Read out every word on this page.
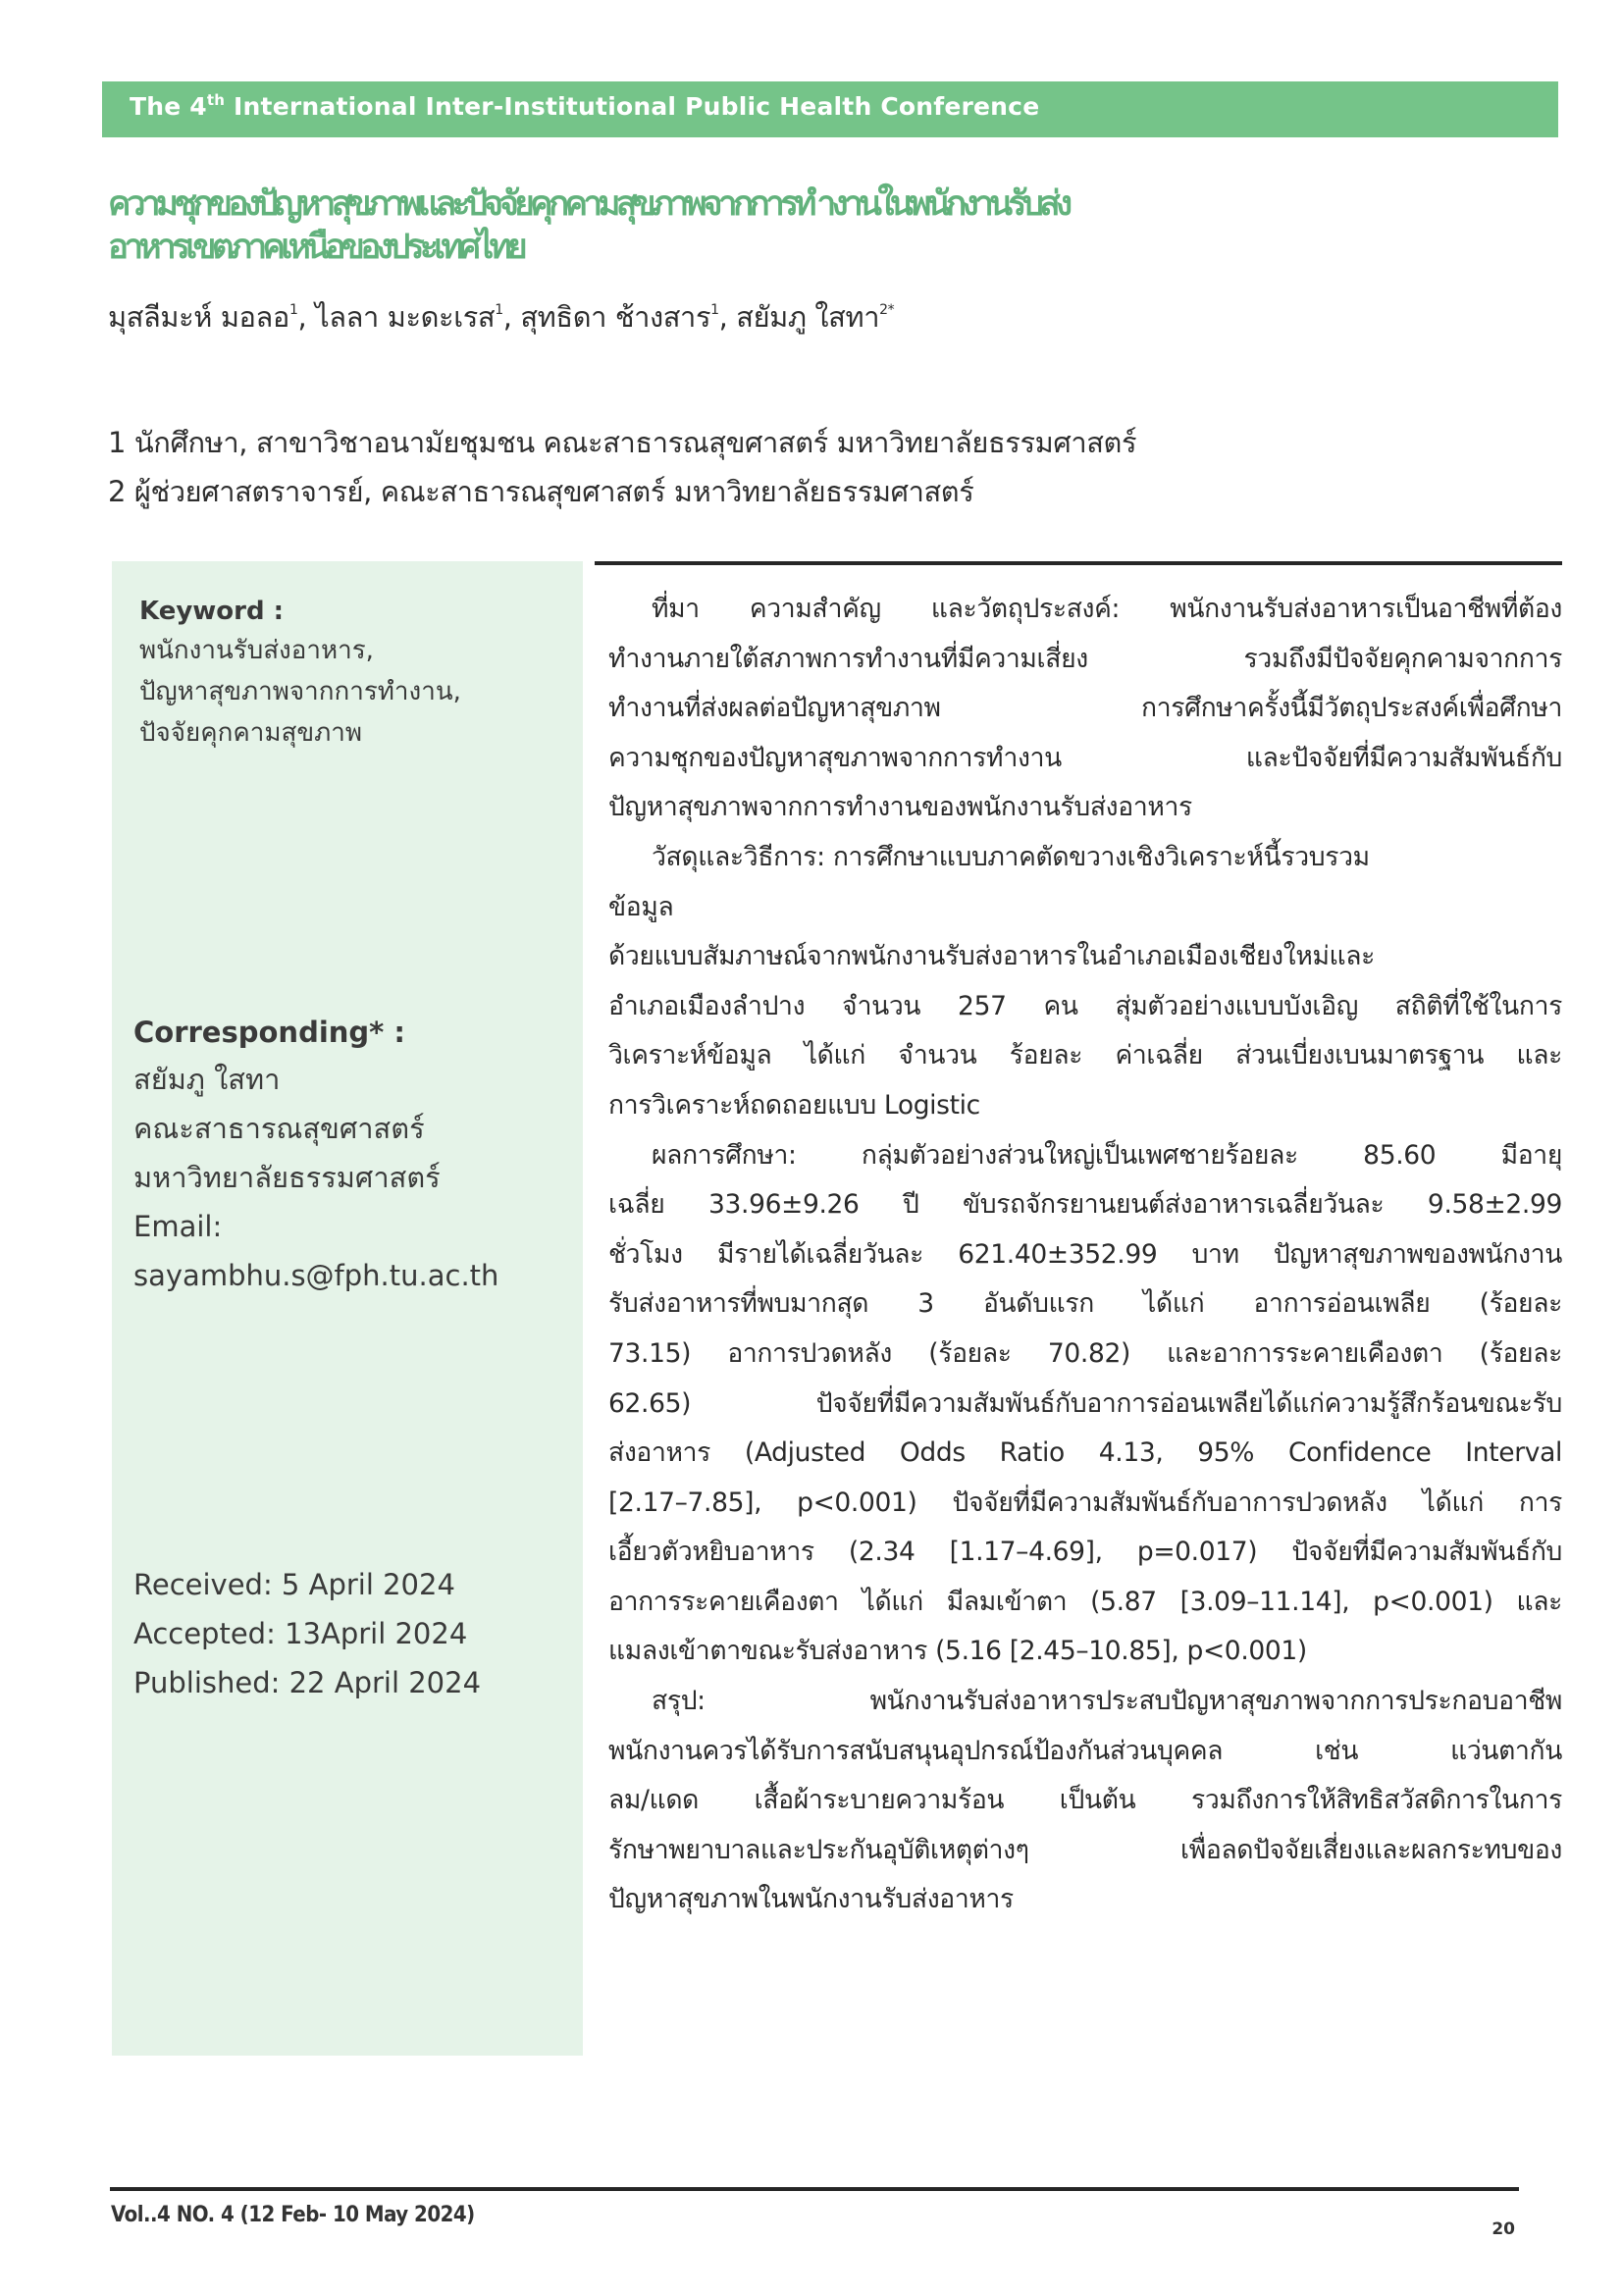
The 4th International Inter-Institutional Public Health Conference
ความชุกของปัญหาสุขภาพและปัจจัยคุกคามสุขภาพจากการทำงานในพนักงานรับส่ง
อาหารเขตภาคเหนือของประเทศไทย
มุสลีมะห์ มอลอ$^1$, ไลลา มะดะเรส$^1$, สุทธิดา ช้างสาร$^1$, สยัมภู ใสทา$^{2*}$
1 นักศึกษา, สาขาวิชาอนามัยชุมชน คณะสาธารณสุขศาสตร์ มหาวิทยาลัยธรรมศาสตร์
2 ผู้ช่วยศาสตราจารย์, คณะสาธารณสุขศาสตร์ มหาวิทยาลัยธรรมศาสตร์
Keyword :
พนักงานรับส่งอาหาร,
ปัญหาสุขภาพจากการทำงาน,
ปัจจัยคุกคามสุขภาพ
Corresponding* :
สยัมภู ใสทา
คณะสาธารณสุขศาสตร์
มหาวิทยาลัยธรรมศาสตร์
Email:
sayambhu.s@fph.tu.ac.th
Received: 5 April 2024
Accepted: 13April 2024
Published: 22 April 2024
ที่มา ความสำคัญ และวัตถุประสงค์: พนักงานรับส่งอาหารเป็นอาชีพที่ต้อง
ทำงานภายใต้สภาพการทำงานที่มีความเสี่ยง รวมถึงมีปัจจัยคุกคามจากการ
ทำงานที่ส่งผลต่อปัญหาสุขภาพ การศึกษาครั้งนี้มีวัตถุประสงค์เพื่อศึกษา
ความชุกของปัญหาสุขภาพจากการทำงาน และปัจจัยที่มีความสัมพันธ์กับ
ปัญหาสุขภาพจากการทำงานของพนักงานรับส่งอาหาร
วัสดุและวิธีการ: การศึกษาแบบภาคตัดขวางเชิงวิเคราะห์นี้รวบรวม
ข้อมูล
ด้วยแบบสัมภาษณ์จากพนักงานรับส่งอาหารในอำเภอเมืองเชียงใหม่และ
อำเภอเมืองลำปาง จำนวน 257 คน สุ่มตัวอย่างแบบบังเอิญ สถิติที่ใช้ในการ
วิเคราะห์ข้อมูล ได้แก่ จำนวน ร้อยละ ค่าเฉลี่ย ส่วนเบี่ยงเบนมาตรฐาน และ
การวิเคราะห์ถดถอยแบบ Logistic
ผลการศึกษา: กลุ่มตัวอย่างส่วนใหญ่เป็นเพศชายร้อยละ 85.60 มีอายุ
เฉลี่ย 33.96±9.26 ปี ขับรถจักรยานยนต์ส่งอาหารเฉลี่ยวันละ 9.58±2.99
ชั่วโมง มีรายได้เฉลี่ยวันละ 621.40±352.99 บาท ปัญหาสุขภาพของพนักงาน
รับส่งอาหารที่พบมากสุด 3 อันดับแรก ได้แก่ อาการอ่อนเพลีย (ร้อยละ
73.15) อาการปวดหลัง (ร้อยละ 70.82) และอาการระคายเคืองตา (ร้อยละ
62.65) ปัจจัยที่มีความสัมพันธ์กับอาการอ่อนเพลียได้แก่ความรู้สึกร้อนขณะรับ
ส่งอาหาร (Adjusted Odds Ratio 4.13, 95% Confidence Interval
[2.17–7.85], p<0.001) ปัจจัยที่มีความสัมพันธ์กับอาการปวดหลัง ได้แก่ การ
เอี้ยวตัวหยิบอาหาร (2.34 [1.17–4.69], p=0.017) ปัจจัยที่มีความสัมพันธ์กับ
อาการระคายเคืองตา ได้แก่ มีลมเข้าตา (5.87 [3.09–11.14], p<0.001) และ
แมลงเข้าตาขณะรับส่งอาหาร (5.16 [2.45–10.85], p<0.001)
สรุป: พนักงานรับส่งอาหารประสบปัญหาสุขภาพจากการประกอบอาชีพ
พนักงานควรได้รับการสนับสนุนอุปกรณ์ป้องกันส่วนบุคคล เช่น แว่นตากัน
ลม/แดด เสื้อผ้าระบายความร้อน เป็นต้น รวมถึงการให้สิทธิสวัสดิการในการ
รักษาพยาบาลและประกันอุบัติเหตุต่างๆ เพื่อลดปัจจัยเสี่ยงและผลกระทบของ
ปัญหาสุขภาพในพนักงานรับส่งอาหาร
Vol..4 NO. 4 (12 Feb- 10 May 2024)
20
